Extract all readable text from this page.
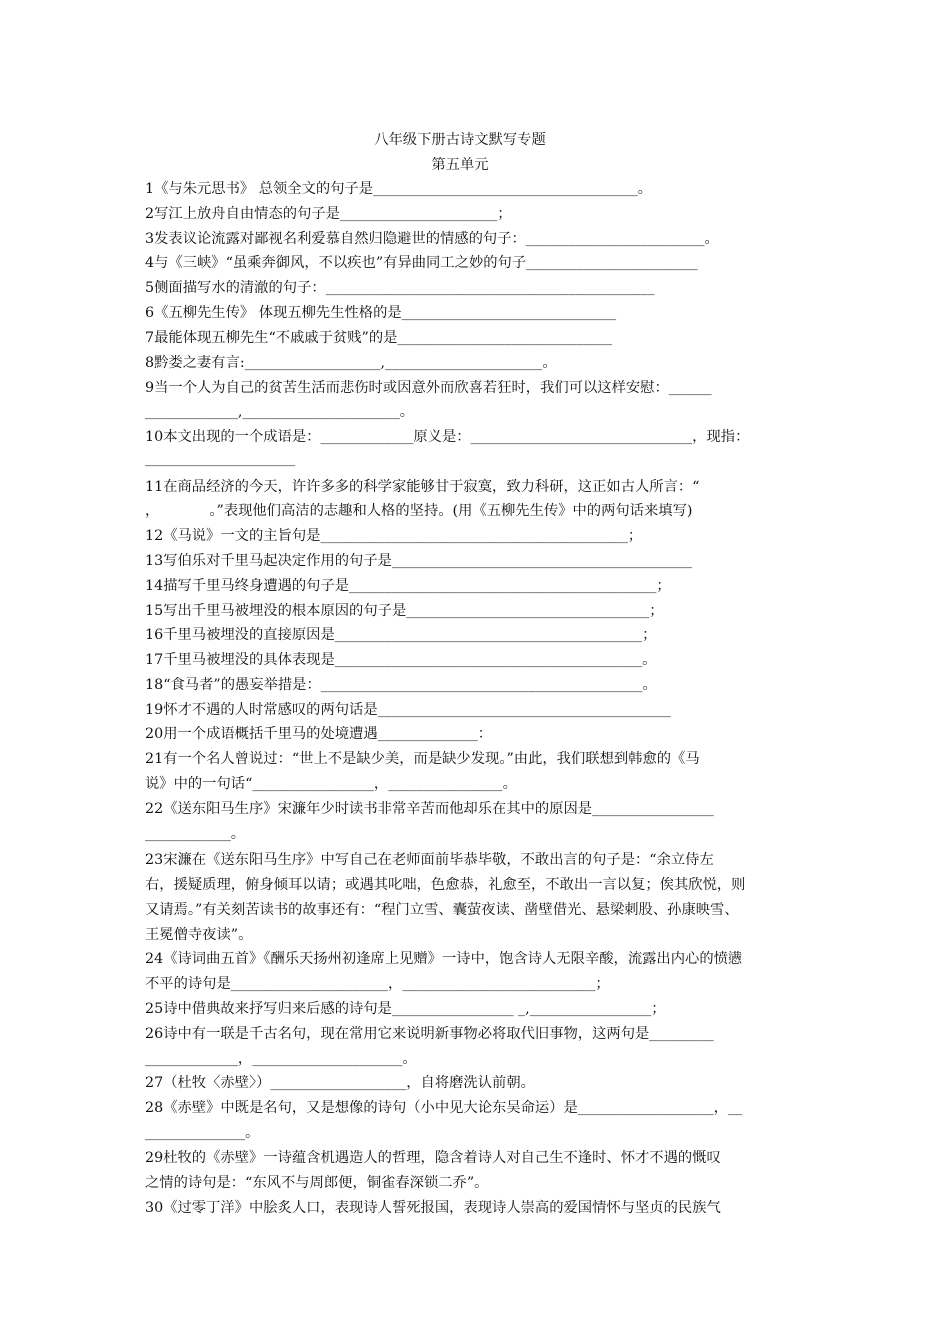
八年级下册古诗文默写专题
第五单元
1《与朱元思书》 总领全文的句子是_____________________________________。
2写江上放舟自由情态的句子是______________________；
3发表议论流露对鄙视名利爱慕自然归隐避世的情感的句子：_________________________。
4与《三峡》“虽乘奔御风，不以疾也”有异曲同工之妙的句子________________________
5侧面描写水的清澈的句子：______________________________________________
6《五柳先生传》 体现五柳先生性格的是______________________________
7最能体现五柳先生“不戚戚于贫贱”的是______________________________
8黔娄之妻有言:___________________,______________________。
9当一个人为自己的贫苦生活而悲伤时或因意外而欣喜若狂时，我们可以这样安慰：______
_____________,______________________。
10本文出现的一个成语是：_____________原义是：_______________________________，现指：
_____________________
11在商品经济的今天，许许多多的科学家能够甘于寂寞，致力科研，这正如古人所言：“
，　　　　。”表现他们高洁的志趣和人格的坚持。(用《五柳先生传》中的两句话来填写)
12《马说》一文的主旨句是___________________________________________；
13写伯乐对千里马起决定作用的句子是__________________________________________
14描写千里马终身遭遇的句子是___________________________________________；
15写出千里马被埋没的根本原因的句子是__________________________________；
16千里马被埋没的直接原因是___________________________________________；
17千里马被埋没的具体表现是___________________________________________。
18“食马者”的愚妄举措是：_____________________________________________。
19怀才不遇的人时常感叹的两句话是_________________________________________
20用一个成语概括千里马的处境遭遇______________：
21有一个名人曾说过：“世上不是缺少美，而是缺少发现。”由此，我们联想到韩愈的《马
说》中的一句话“_________________，________________。
22《送东阳马生序》宋濂年少时读书非常辛苦而他却乐在其中的原因是_________________
____________。
23宋濂在《送东阳马生序》中写自己在老师面前毕恭毕敬，不敢出言的句子是：“余立侍左
右，援疑质理，俯身倾耳以请；或遇其叱咄，色愈恭，礼愈至，不敢出一言以复；俟其欣悦，则
又请焉。”有关刻苦读书的故事还有：“程门立雪、囊萤夜读、凿壁借光、悬梁刺股、孙康映雪、
王冕僧寺夜读”。
24《诗词曲五首》《酬乐天扬州初逢席上见赠》一诗中，饱含诗人无限辛酸，流露出内心的愤懑
不平的诗句是______________________，___________________________；
25诗中借典故来抒写归来后感的诗句是_________________ _,_________________；
26诗中有一联是千古名句，现在常用它来说明新事物必将取代旧事物，这两句是_________
_____________，_____________________。
27（杜牧〈赤壁〉）___________________，自将磨洗认前朝。
28《赤壁》中既是名句，又是想像的诗句（小中见大论东吴命运）是___________________，__
______________。
29杜牧的《赤壁》一诗蕴含机遇造人的哲理，隐含着诗人对自己生不逢时、怀才不遇的慨叹
之情的诗句是：“东风不与周郎便，铜雀春深锁二乔”。
30《过零丁洋》中脍炙人口，表现诗人誓死报国，表现诗人崇高的爱国情怀与坚贞的民族气
